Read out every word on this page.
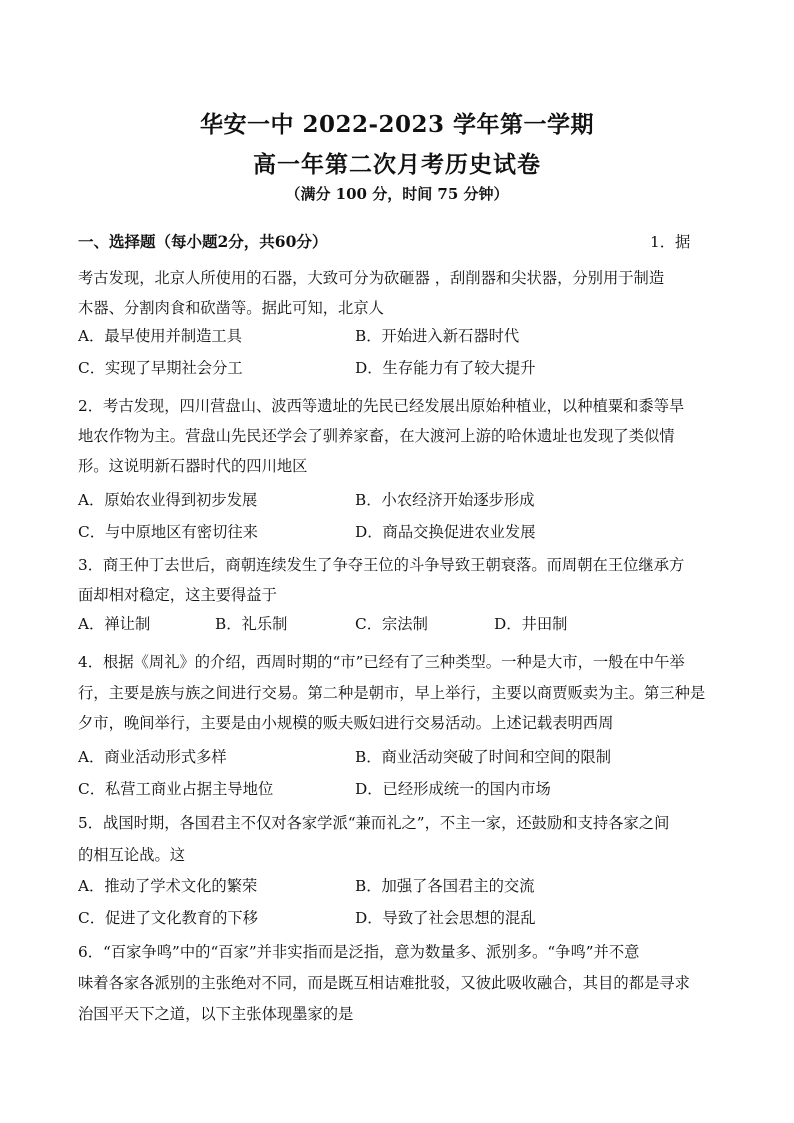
华安一中 2022-2023 学年第一学期
高一年第二次月考历史试卷
（满分 100 分，时间 75 分钟）
一、选择题（每小题2分，共60分）	1．据
考古发现，北京人所使用的石器，大致可分为砍砸器 ，刮削器和尖状器，分别用于制造
木器、分割肉食和砍凿等。据此可知，北京人
A．最早使用并制造工具	B．开始进入新石器时代
C．实现了早期社会分工	D．生存能力有了较大提升
2．考古发现，四川营盘山、波西等遗址的先民已经发展出原始种植业，以种植粟和黍等旱
地农作物为主。营盘山先民还学会了驯养家畜，在大渡河上游的哈休遗址也发现了类似情
形。这说明新石器时代的四川地区
A．原始农业得到初步发展	B．小农经济开始逐步形成
C．与中原地区有密切往来	D．商品交换促进农业发展
3．商王仲丁去世后，商朝连续发生了争夺王位的斗争导致王朝衰落。而周朝在王位继承方
面却相对稳定，这主要得益于
A．禅让制	B．礼乐制	C．宗法制	D．井田制
4．根据《周礼》的介绍，西周时期的“市”已经有了三种类型。一种是大市，一般在中午举
行，主要是族与族之间进行交易。第二种是朝市，早上举行，主要以商贾贩卖为主。第三种是
夕市，晚间举行，主要是由小规模的贩夫贩妇进行交易活动。上述记载表明西周
A．商业活动形式多样	B．商业活动突破了时间和空间的限制
C．私营工商业占据主导地位	D．已经形成统一的国内市场
5．战国时期，各国君主不仅对各家学派“兼而礼之”，不主一家，还鼓励和支持各家之间
的相互论战。这
A．推动了学术文化的繁荣	B．加强了各国君主的交流
C．促进了文化教育的下移	D．导致了社会思想的混乱
6．“百家争鸣”中的“百家”并非实指而是泛指，意为数量多、派别多。“争鸣”并不意
味着各家各派别的主张绝对不同，而是既互相诘难批驳，又彼此吸收融合，其目的都是寻求
治国平天下之道，以下主张体现墨家的是
